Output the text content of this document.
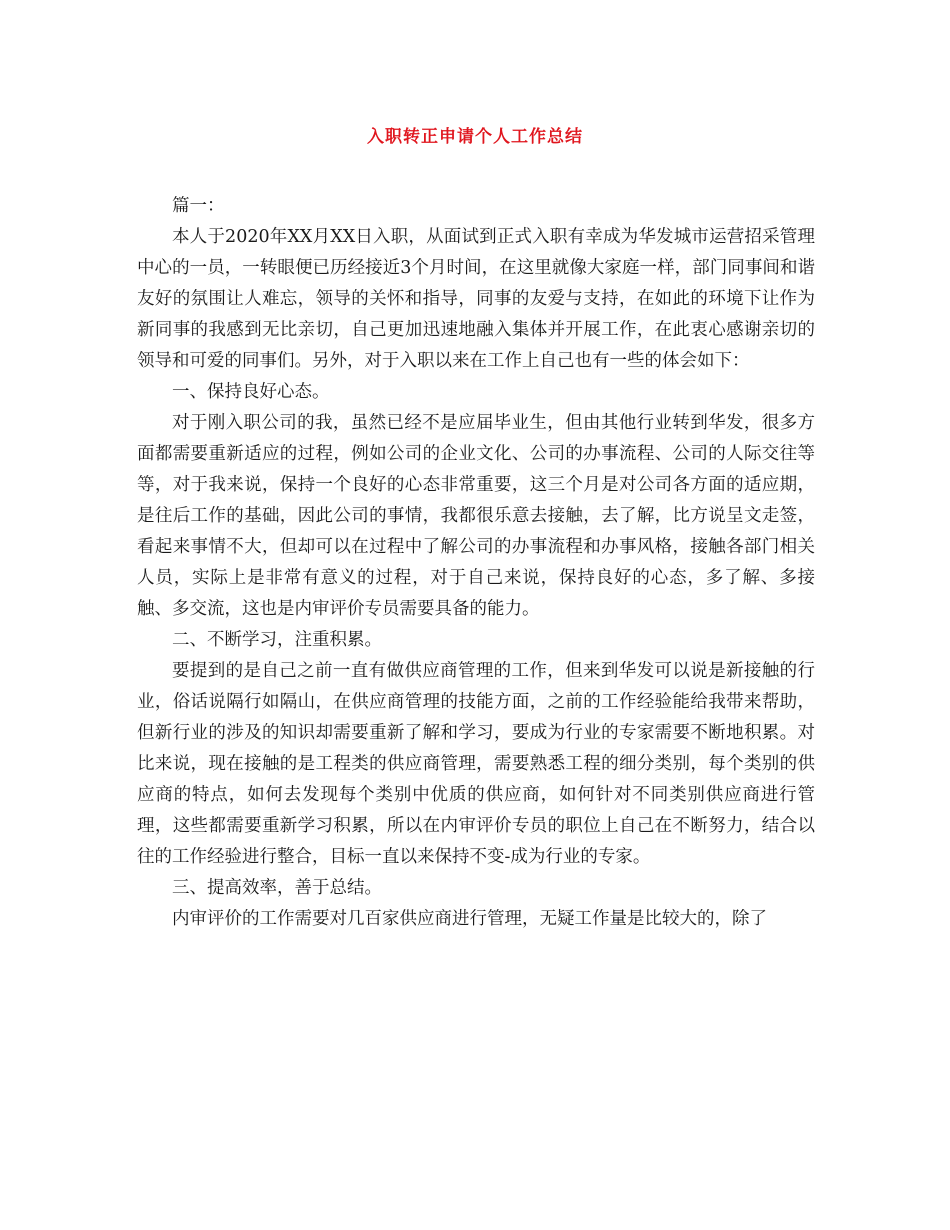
入职转正申请个人工作总结

篇一：

本人于2020年XX月XX日入职，从面试到正式入职有幸成为华发城市运营招采管理中心的一员，一转眼便已历经接近3个月时间，在这里就像大家庭一样，部门同事间和谐友好的氛围让人难忘，领导的关怀和指导，同事的友爱与支持，在如此的环境下让作为新同事的我感到无比亲切，自己更加迅速地融入集体并开展工作，在此衷心感谢亲切的领导和可爱的同事们。另外，对于入职以来在工作上自己也有一些的体会如下：

一、保持良好心态。

对于刚入职公司的我，虽然已经不是应届毕业生，但由其他行业转到华发，很多方面都需要重新适应的过程，例如公司的企业文化、公司的办事流程、公司的人际交往等等，对于我来说，保持一个良好的心态非常重要，这三个月是对公司各方面的适应期，是往后工作的基础，因此公司的事情，我都很乐意去接触，去了解，比方说呈文走签，看起来事情不大，但却可以在过程中了解公司的办事流程和办事风格，接触各部门相关人员，实际上是非常有意义的过程，对于自己来说，保持良好的心态，多了解、多接触、多交流，这也是内审评价专员需要具备的能力。

二、不断学习，注重积累。

要提到的是自己之前一直有做供应商管理的工作，但来到华发可以说是新接触的行业，俗话说隔行如隔山，在供应商管理的技能方面，之前的工作经验能给我带来帮助，但新行业的涉及的知识却需要重新了解和学习，要成为行业的专家需要不断地积累。对比来说，现在接触的是工程类的供应商管理，需要熟悉工程的细分类别，每个类别的供应商的特点，如何去发现每个类别中优质的供应商，如何针对不同类别供应商进行管理，这些都需要重新学习积累，所以在内审评价专员的职位上自己在不断努力，结合以往的工作经验进行整合，目标一直以来保持不变-成为行业的专家。

三、提高效率，善于总结。

内审评价的工作需要对几百家供应商进行管理，无疑工作量是比较大的，除了
